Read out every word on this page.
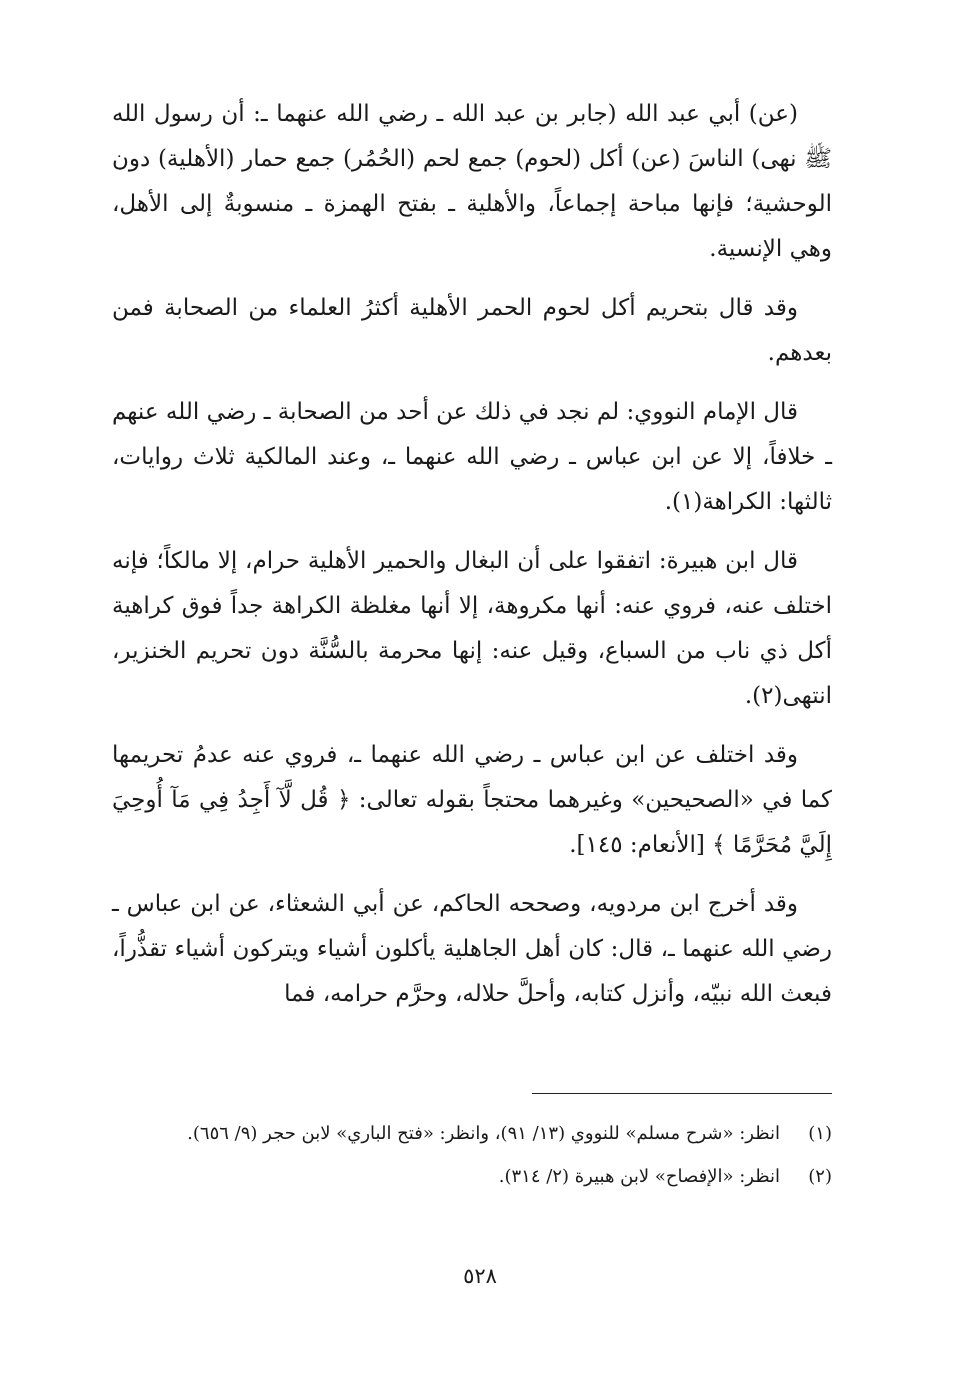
(عن) أبي عبد الله (جابر بن عبد الله ـ رضي الله عنهما ـ: أن رسول الله ﷺ نهى) الناسَ (عن) أكل (لحوم) جمع لحم (الحُمُر) جمع حمار (الأهلية) دون الوحشية؛ فإنها مباحة إجماعاً، والأهلية ـ بفتح الهمزة ـ منسوبةٌ إلى الأهل، وهي الإنسية.

وقد قال بتحريم أكل لحوم الحمر الأهلية أكثرُ العلماء من الصحابة فمن بعدهم.

قال الإمام النووي: لم نجد في ذلك عن أحد من الصحابة ـ رضي الله عنهم ـ خلافاً، إلا عن ابن عباس ـ رضي الله عنهما ـ، وعند المالكية ثلاث روايات، ثالثها: الكراهة(١).

قال ابن هبيرة: اتفقوا على أن البغال والحمير الأهلية حرام، إلا مالكاً؛ فإنه اختلف عنه، فروي عنه: أنها مكروهة، إلا أنها مغلظة الكراهة جداً فوق كراهية أكل ذي ناب من السباع، وقيل عنه: إنها محرمة بالسُّنَّة دون تحريم الخنزير، انتهى(٢).

وقد اختلف عن ابن عباس ـ رضي الله عنهما ـ، فروي عنه عدمُ تحريمها كما في «الصحيحين» وغيرهما محتجاً بقوله تعالى: ﴿ قُل لَّآ أَجِدُ فِي مَآ أُوحِيَ إِلَيَّ مُحَرَّمًا ﴾ [الأنعام: ١٤٥].

وقد أخرج ابن مردويه، وصححه الحاكم، عن أبي الشعثاء، عن ابن عباس ـ رضي الله عنهما ـ، قال: كان أهل الجاهلية يأكلون أشياء ويتركون أشياء تقذُّراً، فبعث الله نبيّه، وأنزل كتابه، وأحلَّ حلاله، وحرَّم حرامه، فما

(١)
انظر: «شرح مسلم» للنووي (١٣/ ٩١)، وانظر: «فتح الباري» لابن حجر (٩/ ٦٥٦).
(٢)
انظر: «الإفصاح» لابن هبيرة (٢/ ٣١٤).
٥٢٨
